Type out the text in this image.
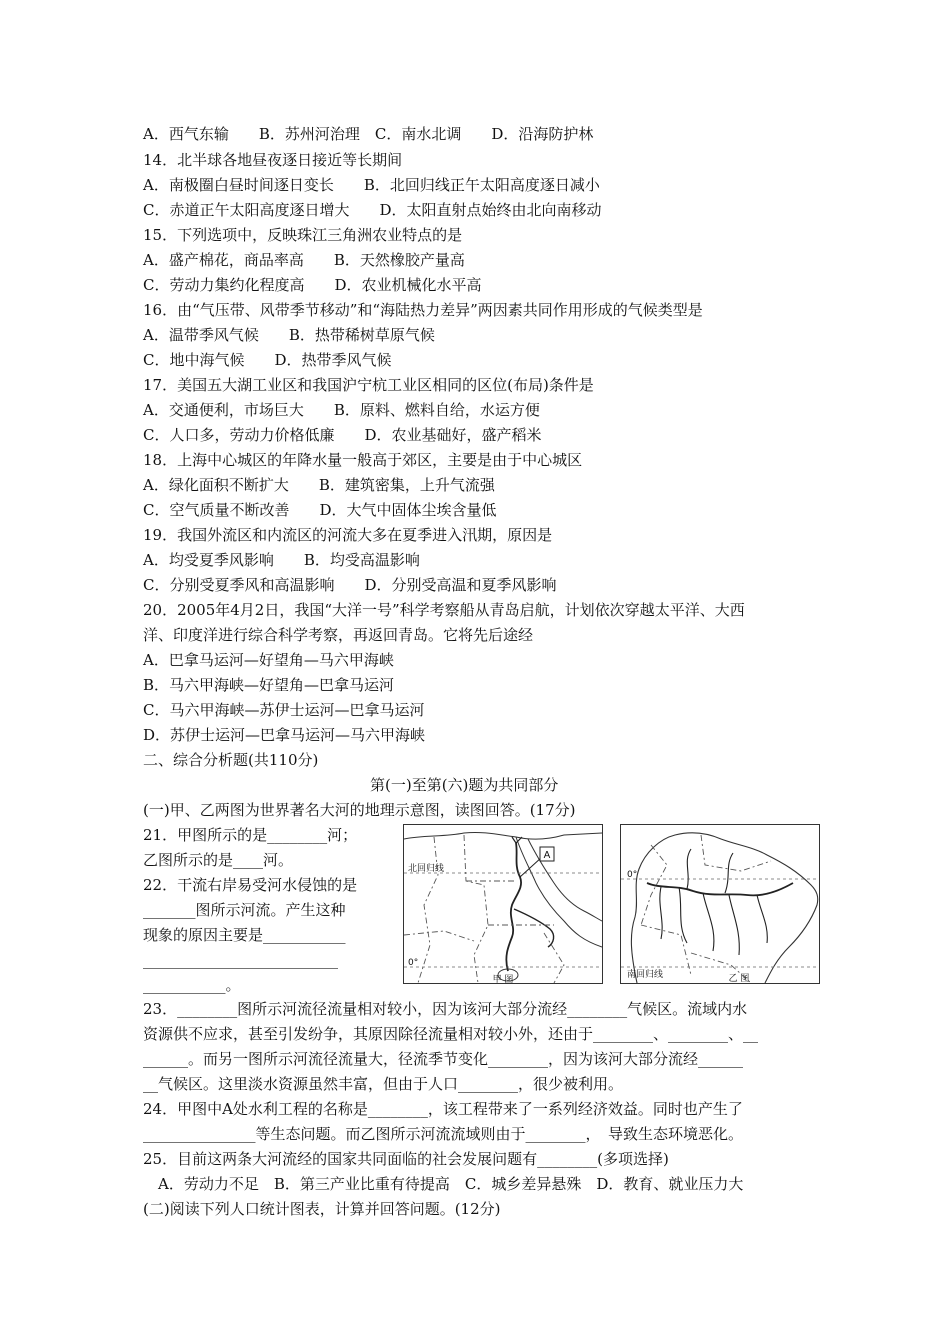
A．西气东输　　B．苏州河治理　C．南水北调　　D．沿海防护林
14．北半球各地昼夜逐日接近等长期间
A．南极圈白昼时间逐日变长　　B．北回归线正午太阳高度逐日减小
C．赤道正午太阳高度逐日增大　　D．太阳直射点始终由北向南移动
15．下列选项中，反映珠江三角洲农业特点的是
A．盛产棉花，商品率高　　B．天然橡胶产量高
C．劳动力集约化程度高　　D．农业机械化水平高
16．由“气压带、风带季节移动”和“海陆热力差异”两因素共同作用形成的气候类型是
A．温带季风气候　　B．热带稀树草原气候
C．地中海气候　　D．热带季风气候
17．美国五大湖工业区和我国沪宁杭工业区相同的区位(布局)条件是
A．交通便利，市场巨大　　B．原料、燃料自给，水运方便
C．人口多，劳动力价格低廉　　D．农业基础好，盛产稻米
18．上海中心城区的年降水量一般高于郊区，主要是由于中心城区
A．绿化面积不断扩大　　B．建筑密集，上升气流强
C．空气质量不断改善　　D．大气中固体尘埃含量低
19．我国外流区和内流区的河流大多在夏季进入汛期，原因是
A．均受夏季风影响　　B．均受高温影响
C．分别受夏季风和高温影响　　D．分别受高温和夏季风影响
20．2005年4月2日，我国“大洋一号”科学考察船从青岛启航，计划依次穿越太平洋、大西
洋、印度洋进行综合科学考察，再返回青岛。它将先后途经
A．巴拿马运河—好望角—马六甲海峡
B．马六甲海峡—好望角—巴拿马运河
C．马六甲海峡—苏伊士运河—巴拿马运河
D．苏伊士运河—巴拿马运河—马六甲海峡
二、综合分析题(共110分)
第(一)至第(六)题为共同部分
(一)甲、乙两图为世界著名大河的地理示意图，读图回答。(17分)
21．甲图所示的是________河；
乙图所示的是____河。
22．干流右岸易受河水侵蚀的是
_______图所示河流。产生这种
现象的原因主要是___________
__________________________
___________。
23．________图所示河流径流量相对较小，因为该河大部分流经________气候区。流域内水
资源供不应求，甚至引发纷争，其原因除径流量相对较小外，还由于________、________、__
______。而另一图所示河流径流量大，径流季节变化________，因为该河大部分流经______
__气候区。这里淡水资源虽然丰富，但由于人口________，很少被利用。
24．甲图中A处水利工程的名称是________，该工程带来了一系列经济效益。同时也产生了
_______________等生态问题。而乙图所示河流流域则由于________，　导致生态环境恶化。
25．目前这两条大河流经的国家共同面临的社会发展问题有________(多项选择)
　A．劳动力不足　B．第三产业比重有待提高　C．城乡差异悬殊　D．教育、就业压力大
(二)阅读下列人口统计图表，计算并回答问题。(12分)
A
北回归线
0°
甲 图
0°
南回归线	乙 图
